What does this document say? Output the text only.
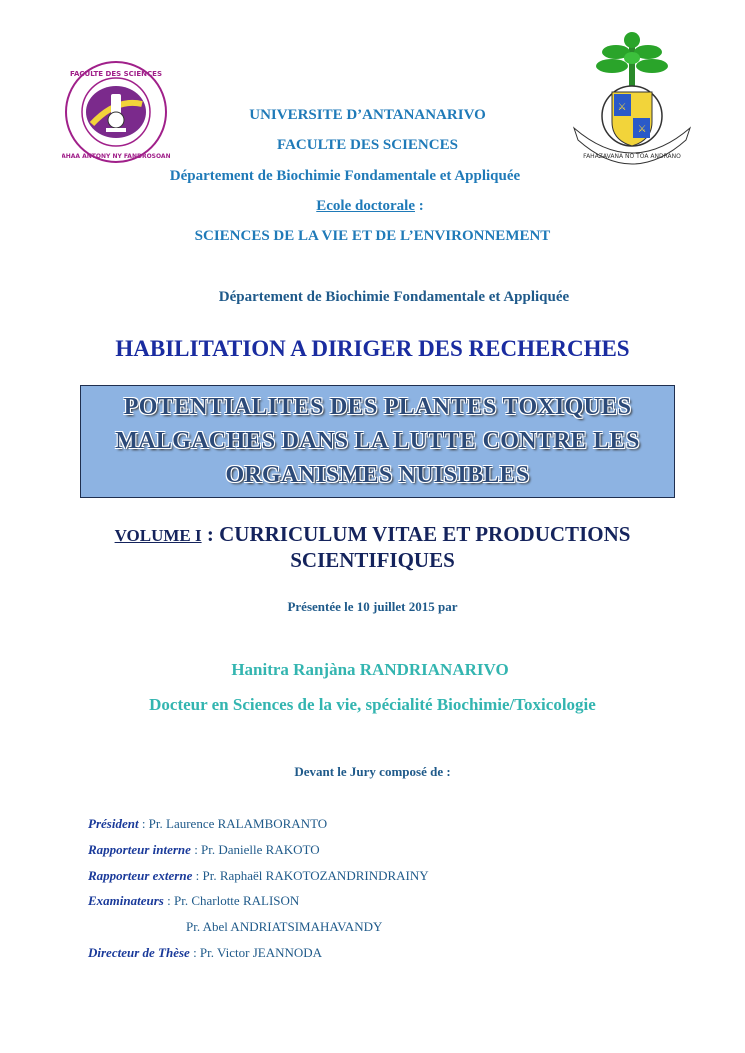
FACULTE DES SCIENCES
SAHAA ANTONY NY FANDROSOANA
⚔
⚔
FAHAZAVANA NO TOA ANDRANO
UNIVERSITE D’ANTANANARIVO
FACULTE DES SCIENCES
Département de Biochimie Fondamentale et Appliquée
Ecole doctorale :
SCIENCES DE LA VIE ET DE L’ENVIRONNEMENT
Département de Biochimie Fondamentale et Appliquée
HABILITATION A DIRIGER DES RECHERCHES
POTENTIALITES DES PLANTES TOXIQUES
MALGACHES DANS LA LUTTE CONTRE LES
ORGANISMES NUISIBLES
VOLUME I : CURRICULUM VITAE ET PRODUCTIONS
SCIENTIFIQUES
Présentée le 10 juillet 2015 par
Hanitra Ranjàna RANDRIANARIVO
Docteur en Sciences de la vie, spécialité Biochimie/Toxicologie
Devant le Jury composé de :
Président : Pr. Laurence RALAMBORANTO
Rapporteur interne : Pr. Danielle RAKOTO
Rapporteur externe : Pr. Raphaël RAKOTOZANDRINDRAINY
Examinateurs : Pr. Charlotte RALISON
Pr. Abel ANDRIATSIMAHAVANDY
Directeur de Thèse : Pr. Victor JEANNODA
